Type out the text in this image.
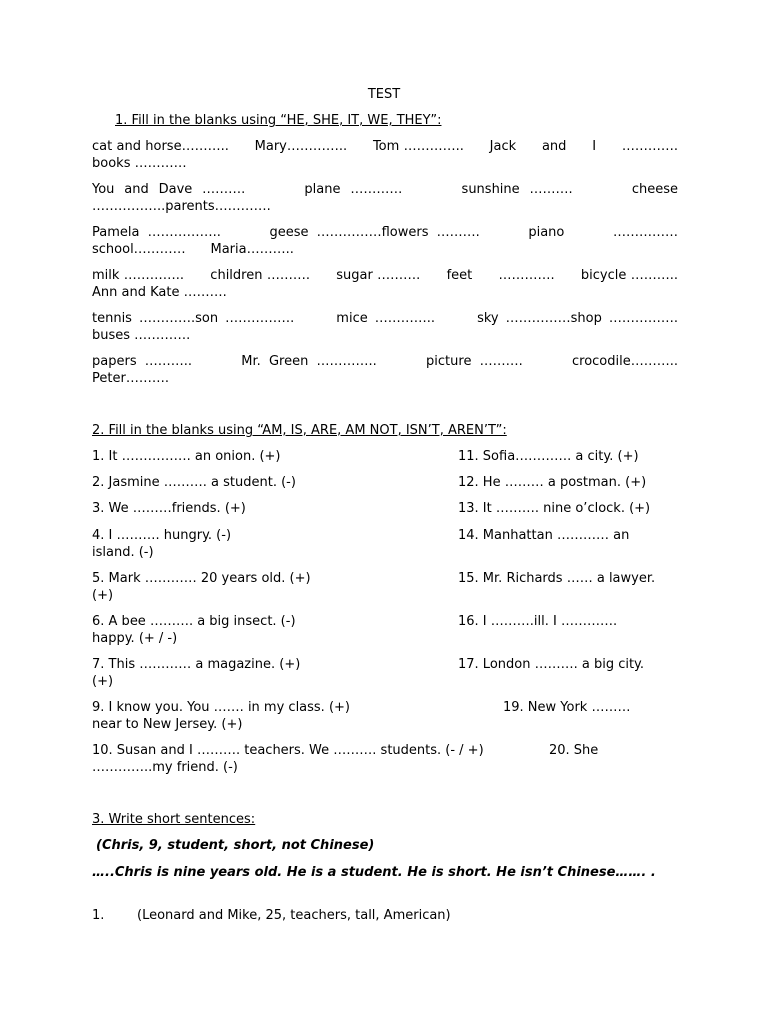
TEST
1. Fill in the blanks using “HE, SHE, IT, WE, THEY”:
cat and horse………..      Mary…………..      Tom …………..      Jack      and      I      ………….      books …………
You and Dave ……….      plane …………      sunshine ……….      cheese      ……………..parents………….
Pamela ……………..      geese ……………flowers ……….      piano      ……………      school…………      Maria………..
milk …………..      children ……….      sugar ……….      feet      ………….      bicycle ………..      Ann and Kate ……….
tennis ………….son …………….      mice …………..      sky ……………shop …………….      buses ………….
papers ………..      Mr. Green …………..      picture ……….      crocodile………..      Peter……….
2. Fill in the blanks using “AM, IS, ARE, AM NOT, ISN’T, AREN’T”:
1. It ……………. an onion. (+)
2. Jasmine ………. a student. (-)
3. We ………friends. (+)
4. I ………. hungry. (-)
island. (-)
5. Mark ………… 20 years old. (+)
(+)
6. A bee ………. a big insect. (-)
happy. (+ / -)
7. This ………… a magazine. (+)
(+)
9. I know you. You ……. in my class. (+)
near to New Jersey. (+)
10. Susan and I ………. teachers. We ………. students. (- / +)
…………..my friend. (-)
11. Sofia…………. a city. (+)
12. He ……… a postman. (+)
13. It ………. nine o’clock. (+)
14. Manhattan ………… an
15. Mr. Richards …… a lawyer.
16. I ……….ill. I ………….
17. London ………. a big city.
19. New York ………
20. She
3. Write short sentences:
(Chris, 9, student, short, not Chinese)
…..Chris is nine years old. He is a student. He is short. He isn’t Chinese……. .
1.	(Leonard and Mike, 25, teachers, tall, American)
